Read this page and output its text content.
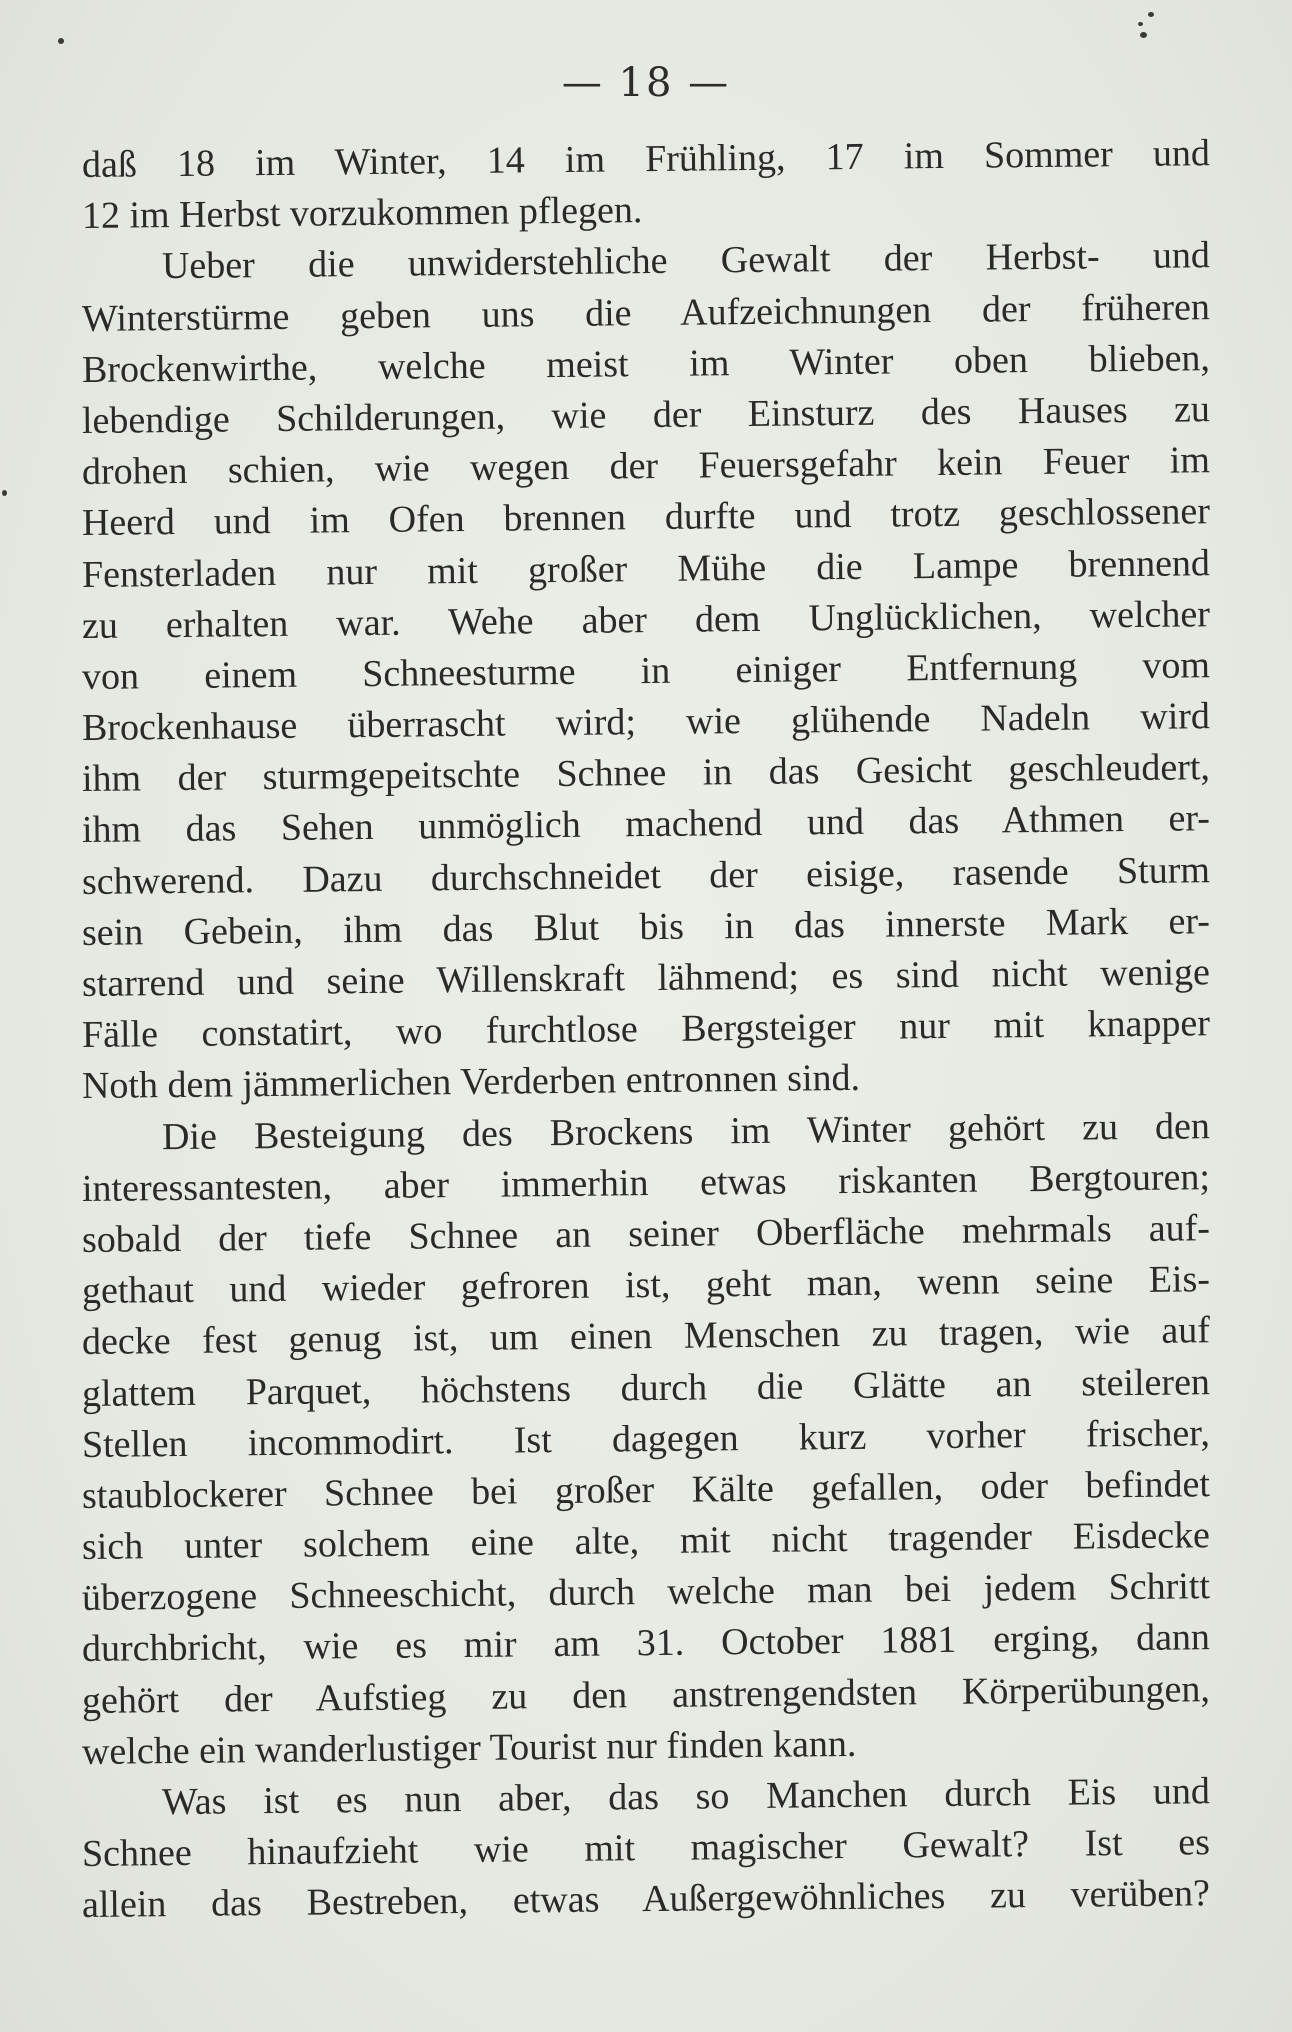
— 18 —
daß 18 im Winter, 14 im Frühling, 17 im Sommer und
12 im Herbst vorzukommen pflegen.
Ueber die unwiderstehliche Gewalt der Herbst- und
Winterstürme geben uns die Aufzeichnungen der früheren
Brockenwirthe, welche meist im Winter oben blieben,
lebendige Schilderungen, wie der Einsturz des Hauses zu
drohen schien, wie wegen der Feuersgefahr kein Feuer im
Heerd und im Ofen brennen durfte und trotz geschlossener
Fensterladen nur mit großer Mühe die Lampe brennend
zu erhalten war. Wehe aber dem Unglücklichen, welcher
von einem Schneesturme in einiger Entfernung vom
Brockenhause überrascht wird; wie glühende Nadeln wird
ihm der sturmgepeitschte Schnee in das Gesicht geschleudert,
ihm das Sehen unmöglich machend und das Athmen er-
schwerend. Dazu durchschneidet der eisige, rasende Sturm
sein Gebein, ihm das Blut bis in das innerste Mark er-
starrend und seine Willenskraft lähmend; es sind nicht wenige
Fälle constatirt, wo furchtlose Bergsteiger nur mit knapper
Noth dem jämmerlichen Verderben entronnen sind.
Die Besteigung des Brockens im Winter gehört zu den
interessantesten, aber immerhin etwas riskanten Bergtouren;
sobald der tiefe Schnee an seiner Oberfläche mehrmals auf-
gethaut und wieder gefroren ist, geht man, wenn seine Eis-
decke fest genug ist, um einen Menschen zu tragen, wie auf
glattem Parquet, höchstens durch die Glätte an steileren
Stellen incommodirt. Ist dagegen kurz vorher frischer,
staublockerer Schnee bei großer Kälte gefallen, oder befindet
sich unter solchem eine alte, mit nicht tragender Eisdecke
überzogene Schneeschicht, durch welche man bei jedem Schritt
durchbricht, wie es mir am 31. October 1881 erging, dann
gehört der Aufstieg zu den anstrengendsten Körperübungen,
welche ein wanderlustiger Tourist nur finden kann.
Was ist es nun aber, das so Manchen durch Eis und
Schnee hinaufzieht wie mit magischer Gewalt? Ist es
allein das Bestreben, etwas Außergewöhnliches zu verüben?
